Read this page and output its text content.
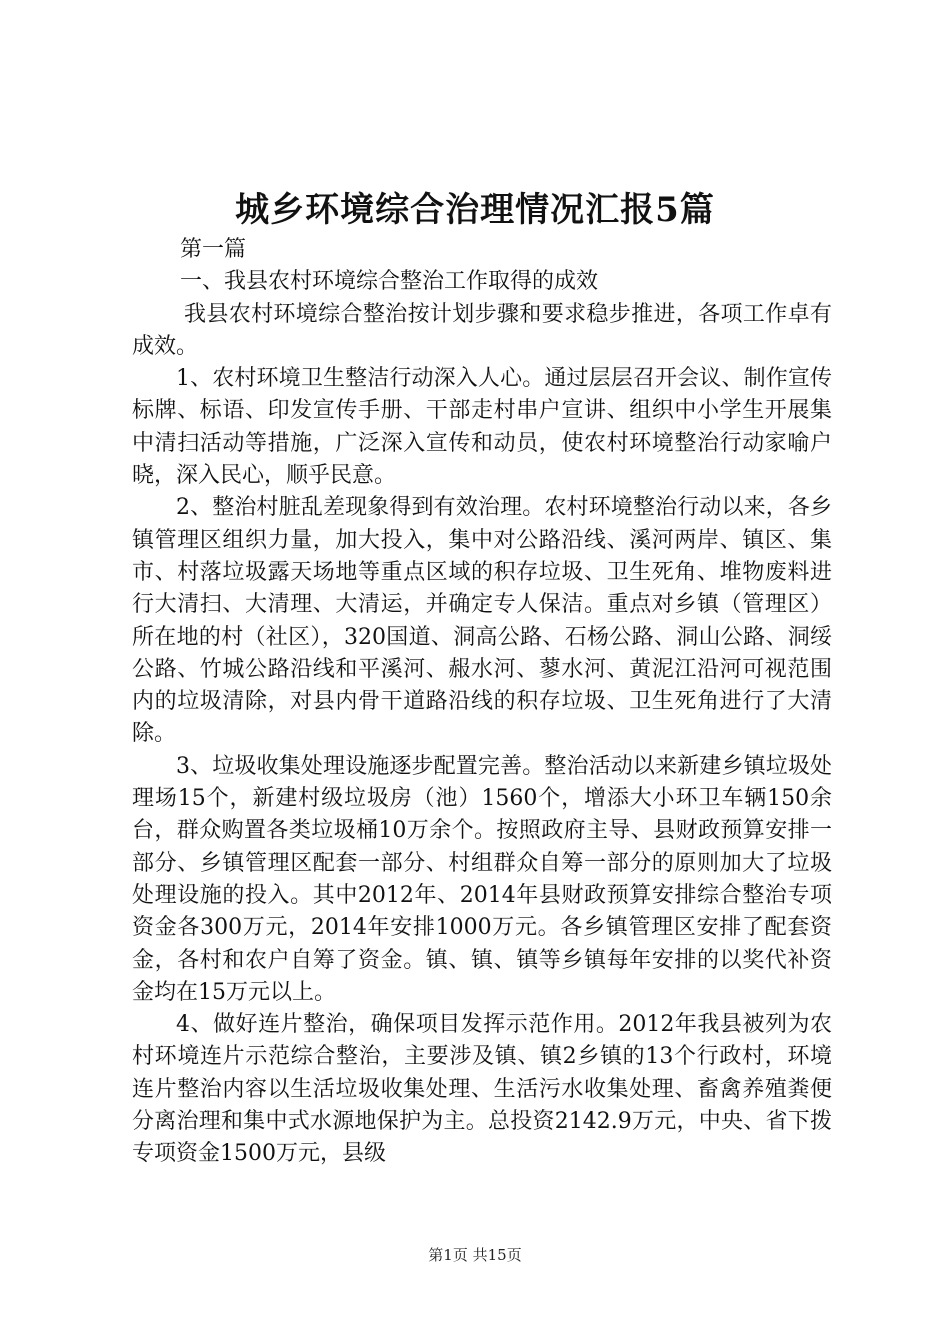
城乡环境综合治理情况汇报5篇

第一篇

一、我县农村环境综合整治工作取得的成效

我县农村环境综合整治按计划步骤和要求稳步推进，各项工作卓有成效。

1、农村环境卫生整洁行动深入人心。通过层层召开会议、制作宣传标牌、标语、印发宣传手册、干部走村串户宣讲、组织中小学生开展集中清扫活动等措施，广泛深入宣传和动员，使农村环境整治行动家喻户晓，深入民心，顺乎民意。

2、整治村脏乱差现象得到有效治理。农村环境整治行动以来，各乡镇管理区组织力量，加大投入，集中对公路沿线、溪河两岸、镇区、集市、村落垃圾露天场地等重点区域的积存垃圾、卫生死角、堆物废料进行大清扫、大清理、大清运，并确定专人保洁。重点对乡镇（管理区）所在地的村（社区），320国道、洞高公路、石杨公路、洞山公路、洞绥公路、竹城公路沿线和平溪河、赧水河、蓼水河、黄泥江沿河可视范围内的垃圾清除，对县内骨干道路沿线的积存垃圾、卫生死角进行了大清除。

3、垃圾收集处理设施逐步配置完善。整治活动以来新建乡镇垃圾处理场15个，新建村级垃圾房（池）1560个，增添大小环卫车辆150余台，群众购置各类垃圾桶10万余个。按照政府主导、县财政预算安排一部分、乡镇管理区配套一部分、村组群众自筹一部分的原则加大了垃圾处理设施的投入。其中2012年、2014年县财政预算安排综合整治专项资金各300万元，2014年安排1000万元。各乡镇管理区安排了配套资金，各村和农户自筹了资金。镇、镇、镇等乡镇每年安排的以奖代补资金均在15万元以上。

4、做好连片整治，确保项目发挥示范作用。2012年我县被列为农村环境连片示范综合整治，主要涉及镇、镇2乡镇的13个行政村，环境连片整治内容以生活垃圾收集处理、生活污水收集处理、畜禽养殖粪便分离治理和集中式水源地保护为主。总投资2142.9万元，中央、省下拨专项资金1500万元，县级

第1页 共15页
